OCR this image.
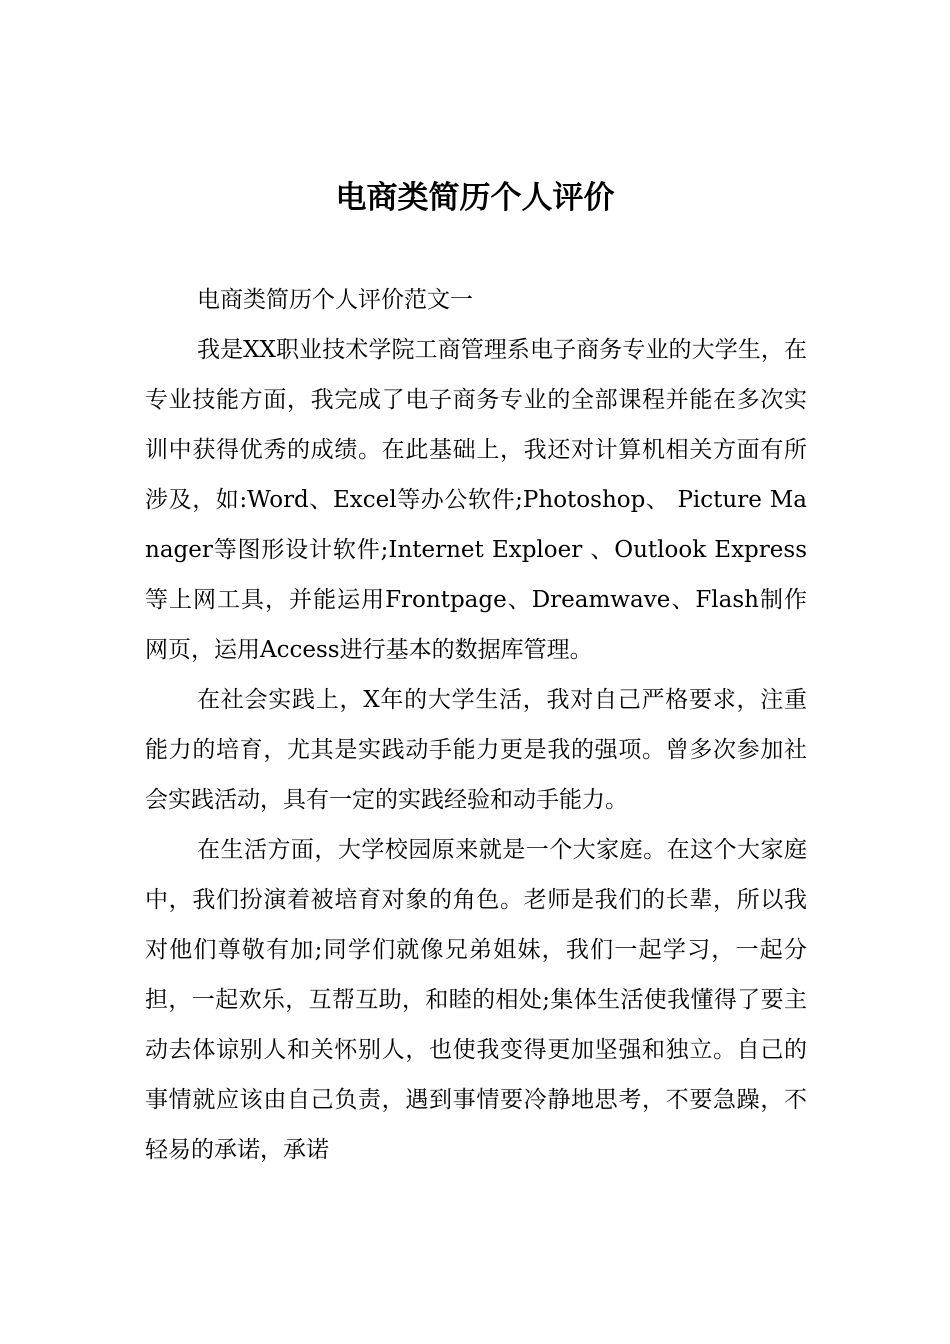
电商类简历个人评价

电商类简历个人评价范文一

我是XX职业技术学院工商管理系电子商务专业的大学生，在专业技能方面，我完成了电子商务专业的全部课程并能在多次实训中获得优秀的成绩。在此基础上，我还对计算机相关方面有所涉及，如:Word、Excel等办公软件;Photoshop、 Picture Manager等图形设计软件;Internet Exploer 、Outlook Express等上网工具，并能运用Frontpage、Dreamwave、Flash制作网页，运用Access进行基本的数据库管理。

在社会实践上，X年的大学生活，我对自己严格要求，注重能力的培育，尤其是实践动手能力更是我的强项。曾多次参加社会实践活动，具有一定的实践经验和动手能力。

在生活方面，大学校园原来就是一个大家庭。在这个大家庭中，我们扮演着被培育对象的角色。老师是我们的长辈，所以我对他们尊敬有加;同学们就像兄弟姐妹，我们一起学习，一起分担，一起欢乐，互帮互助，和睦的相处;集体生活使我懂得了要主动去体谅别人和关怀别人，也使我变得更加坚强和独立。自己的事情就应该由自己负责，遇到事情要冷静地思考，不要急躁，不轻易的承诺，承诺
